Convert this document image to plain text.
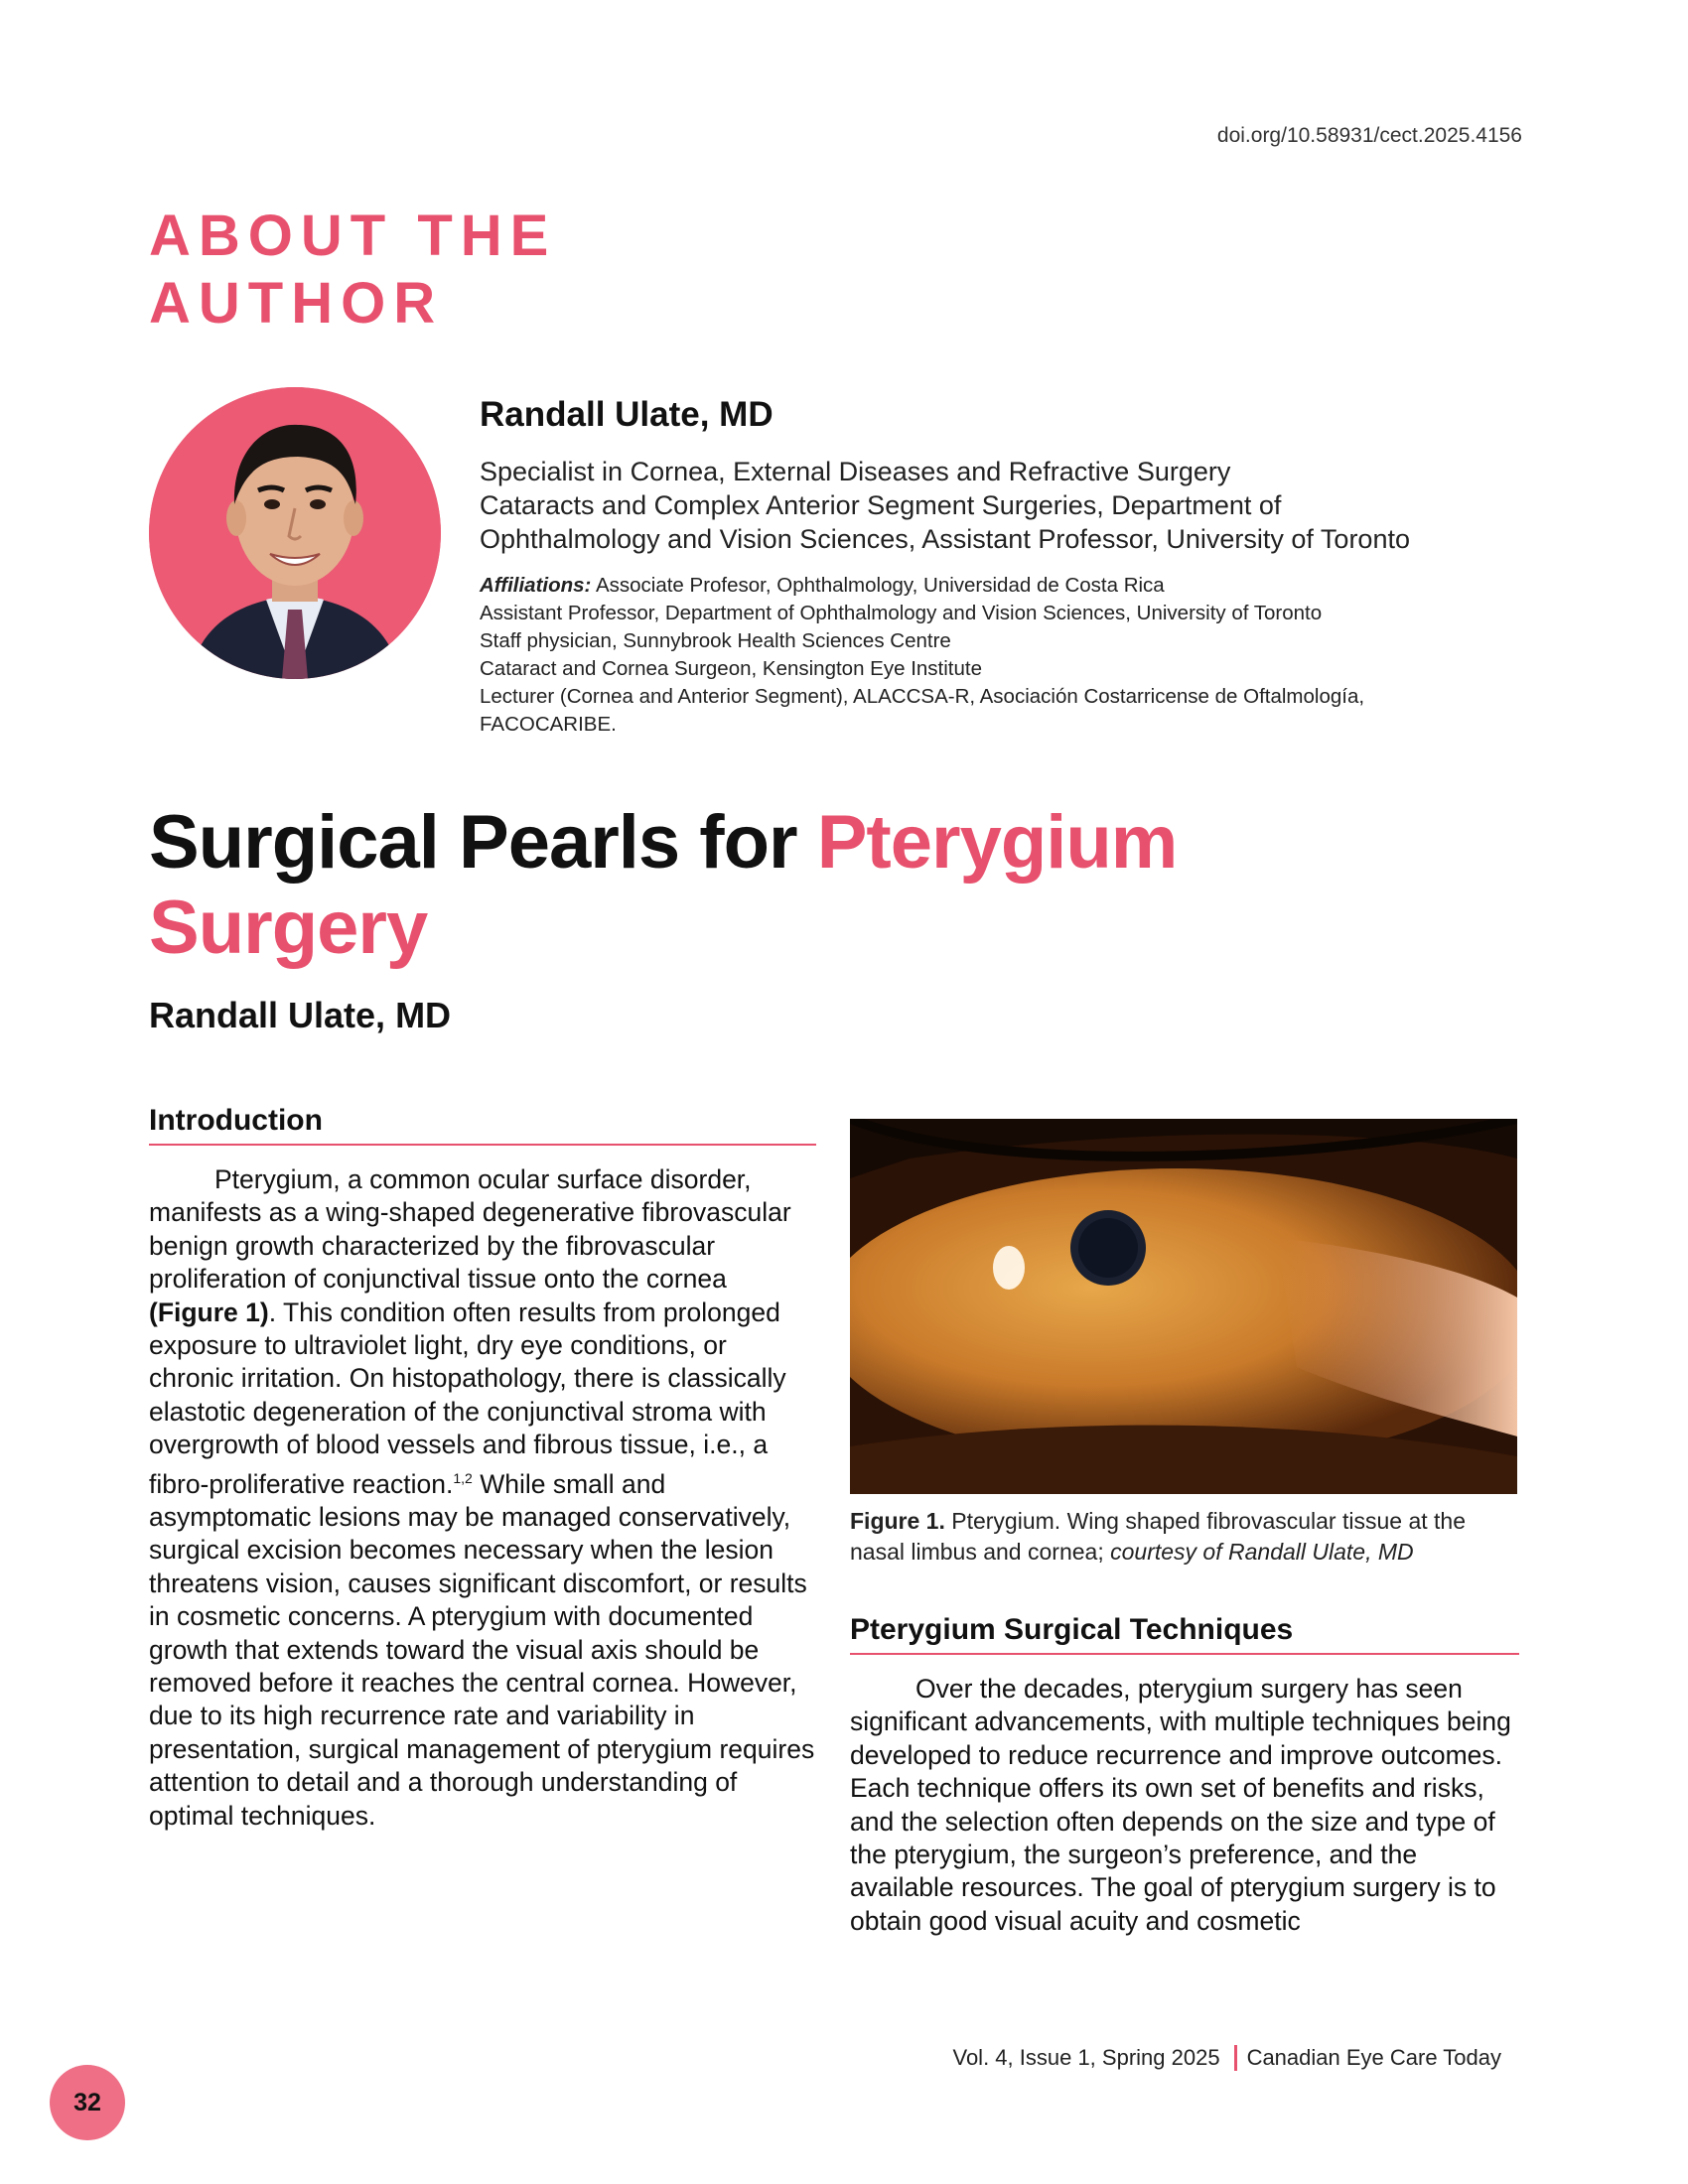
doi.org/10.58931/cect.2025.4156
ABOUT THE
AUTHOR
Randall Ulate, MD

Specialist in Cornea, External Diseases and Refractive Surgery
Cataracts and Complex Anterior Segment Surgeries, Department of
Ophthalmology and Vision Sciences, Assistant Professor, University of Toronto

Affiliations: Associate Profesor, Ophthalmology, Universidad de Costa Rica
Assistant Professor, Department of Ophthalmology and Vision Sciences, University of Toronto
Staff physician, Sunnybrook Health Sciences Centre
Cataract and Cornea Surgeon, Kensington Eye Institute
Lecturer (Cornea and Anterior Segment), ALACCSA-R, Asociación Costarricense de Oftalmología,
FACOCARIBE.
Surgical Pearls for Pterygium
Surgery
Randall Ulate, MD
Introduction

Pterygium, a common ocular surface disorder, manifests as a wing-shaped degenerative fibrovascular benign growth characterized by the fibrovascular proliferation of conjunctival tissue onto the cornea (Figure 1). This condition often results from prolonged exposure to ultraviolet light, dry eye conditions, or chronic irritation. On histopathology, there is classically elastotic degeneration of the conjunctival stroma with overgrowth of blood vessels and fibrous tissue, i.e., a fibro-proliferative reaction.$^{1,2}$ While small and asymptomatic lesions may be managed conservatively, surgical excision becomes necessary when the lesion threatens vision, causes significant discomfort, or results in cosmetic concerns. A pterygium with documented growth that extends toward the visual axis should be removed before it reaches the central cornea. However, due to its high recurrence rate and variability in presentation, surgical management of pterygium requires attention to detail and a thorough understanding of optimal techniques.

Figure 1. Pterygium. Wing shaped fibrovascular tissue at the nasal limbus and cornea; courtesy of Randall Ulate, MD

Pterygium Surgical Techniques

Over the decades, pterygium surgery has seen significant advancements, with multiple techniques being developed to reduce recurrence and improve outcomes. Each technique offers its own set of benefits and risks, and the selection often depends on the size and type of the pterygium, the surgeon’s preference, and the available resources. The goal of pterygium surgery is to obtain good visual acuity and cosmetic

Vol. 4, Issue 1, Spring 2025 Canadian Eye Care Today
32
